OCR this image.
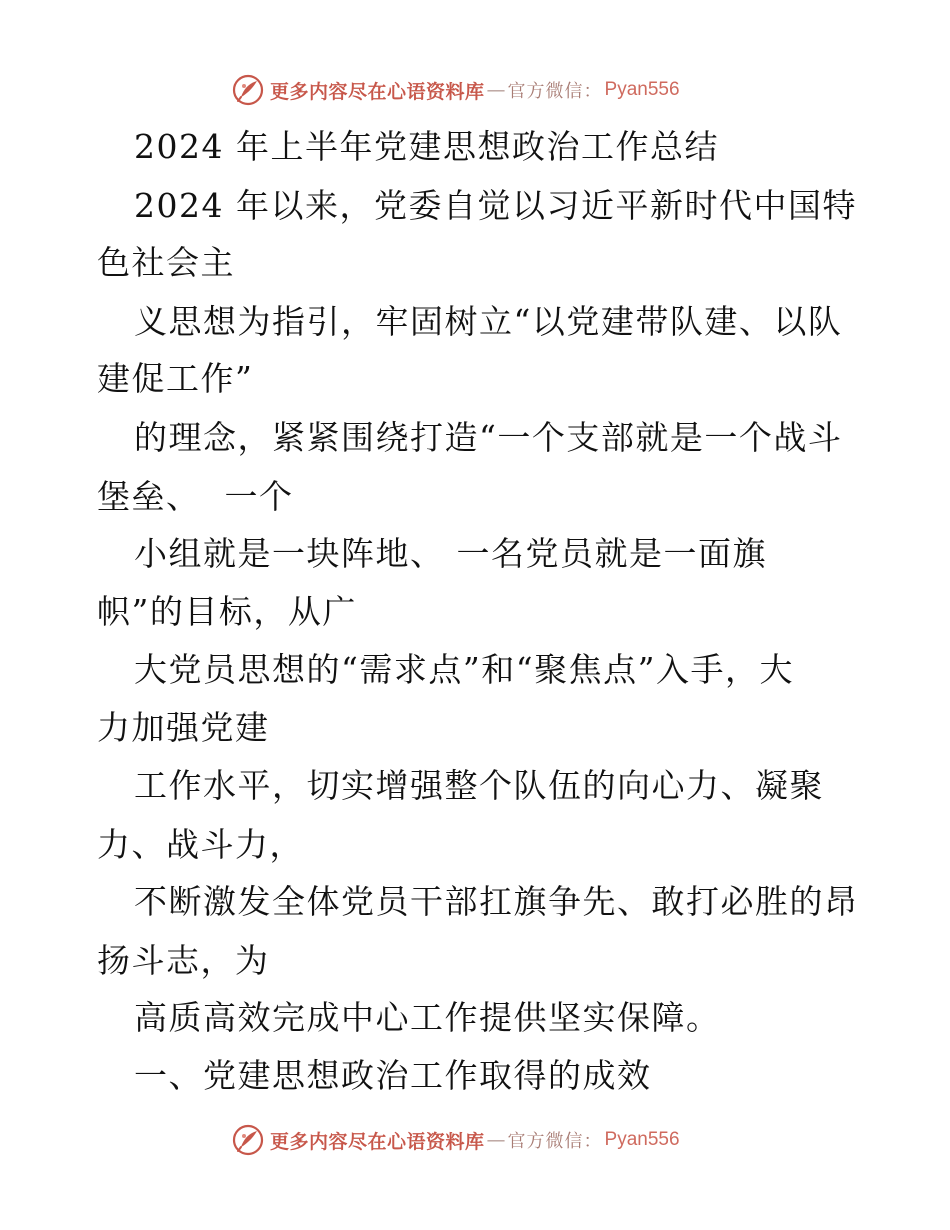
更多内容尽在心语资料库 — 官方微信： Pyan556
2024 年上半年党建思想政治工作总结
2024 年以来，党委自觉以习近平新时代中国特
色社会主
义思想为指引，牢固树立“以党建带队建、以队
建促工作”
的理念，紧紧围绕打造“一个支部就是一个战斗
堡垒、  一个
小组就是一块阵地、 一名党员就是一面旗
帜”的目标，从广
大党员思想的“需求点”和“聚焦点”入手，大
力加强党建
工作水平，切实增强整个队伍的向心力、凝聚
力、战斗力，
不断激发全体党员干部扛旗争先、敢打必胜的昂
扬斗志，为
高质高效完成中心工作提供坚实保障。
一、党建思想政治工作取得的成效
更多内容尽在心语资料库 — 官方微信： Pyan556
